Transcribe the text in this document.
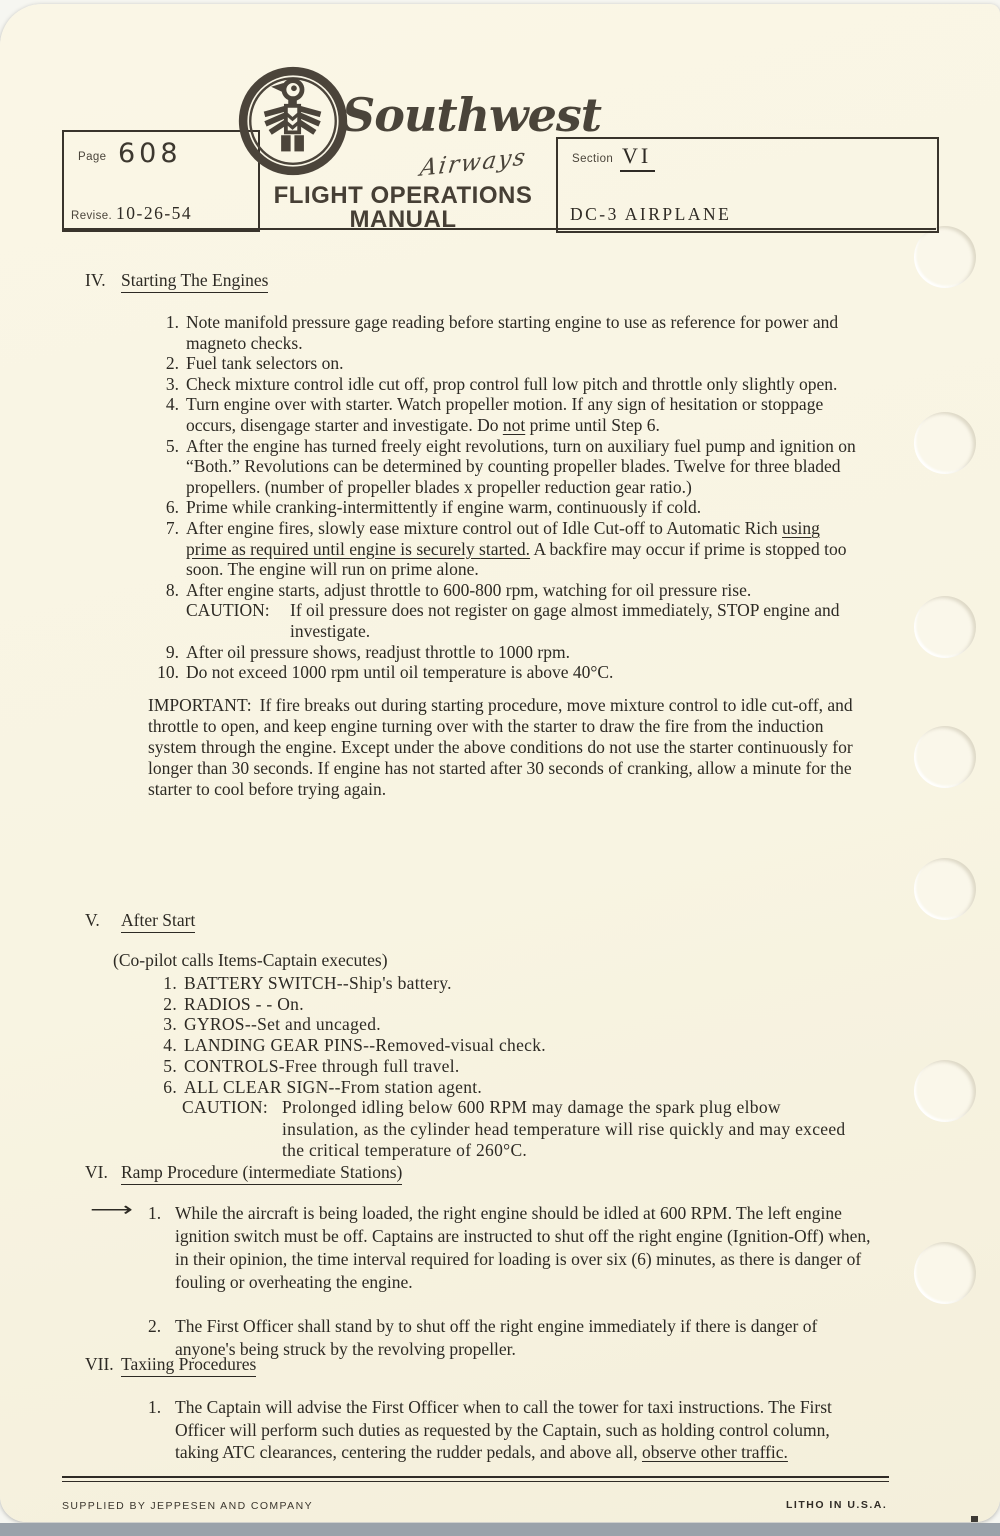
Page 608
Revise. 10-26-54
Section VI
DC-3 AIRPLANE
Southwest
Airways
FLIGHT OPERATIONS
MANUAL
IV. Starting The Engines
1. Note manifold pressure gage reading before starting engine to use as reference for power and magneto checks.
2. Fuel tank selectors on.
3. Check mixture control idle cut off, prop control full low pitch and throttle only slightly open.
4. Turn engine over with starter. Watch propeller motion. If any sign of hesitation or stoppage occurs, disengage starter and investigate. Do not prime until Step 6.
5. After the engine has turned freely eight revolutions, turn on auxiliary fuel pump and ignition on “Both.” Revolutions can be determined by counting propeller blades. Twelve for three bladed propellers. (number of propeller blades x propeller reduction gear ratio.)
6. Prime while cranking-intermittently if engine warm, continuously if cold.
7. After engine fires, slowly ease mixture control out of Idle Cut-off to Automatic Rich using prime as required until engine is securely started. A backfire may occur if prime is stopped too soon. The engine will run on prime alone.
8. After engine starts, adjust throttle to 600-800 rpm, watching for oil pressure rise.
CAUTION:	If oil pressure does not register on gage almost immediately, STOP engine and investigate.
9. After oil pressure shows, readjust throttle to 1000 rpm.
10. Do not exceed 1000 rpm until oil temperature is above 40°C.

IMPORTANT: If fire breaks out during starting procedure, move mixture control to idle cut-off, and throttle to open, and keep engine turning over with the starter to draw the fire from the induction system through the engine. Except under the above conditions do not use the starter continuously for longer than 30 seconds. If engine has not started after 30 seconds of cranking, allow a minute for the starter to cool before trying again.

V.	After Start
(Co-pilot calls Items-Captain executes)
1. BATTERY SWITCH--Ship's battery.
2. RADIOS - - On.
3. GYROS--Set and uncaged.
4. LANDING GEAR PINS--Removed-visual check.
5. CONTROLS-Free through full travel.
6. ALL CLEAR SIGN--From station agent.
CAUTION: Prolonged idling below 600 RPM may damage the spark plug elbow insulation, as the cylinder head temperature will rise quickly and may exceed the critical temperature of 260°C.
VI. Ramp Procedure (intermediate Stations)
⟶ 1. While the aircraft is being loaded, the right engine should be idled at 600 RPM. The left engine ignition switch must be off. Captains are instructed to shut off the right engine (Ignition-Off) when, in their opinion, the time interval required for loading is over six (6) minutes, as there is danger of fouling or overheating the engine.
2. The First Officer shall stand by to shut off the right engine immediately if there is danger of anyone's being struck by the revolving propeller.
VII. Taxiing Procedures
1. The Captain will advise the First Officer when to call the tower for taxi instructions. The First Officer will perform such duties as requested by the Captain, such as holding control column, taking ATC clearances, centering the rudder pedals, and above all, observe other traffic.
SUPPLIED BY JEPPESEN AND COMPANY	LITHO IN U.S.A.
